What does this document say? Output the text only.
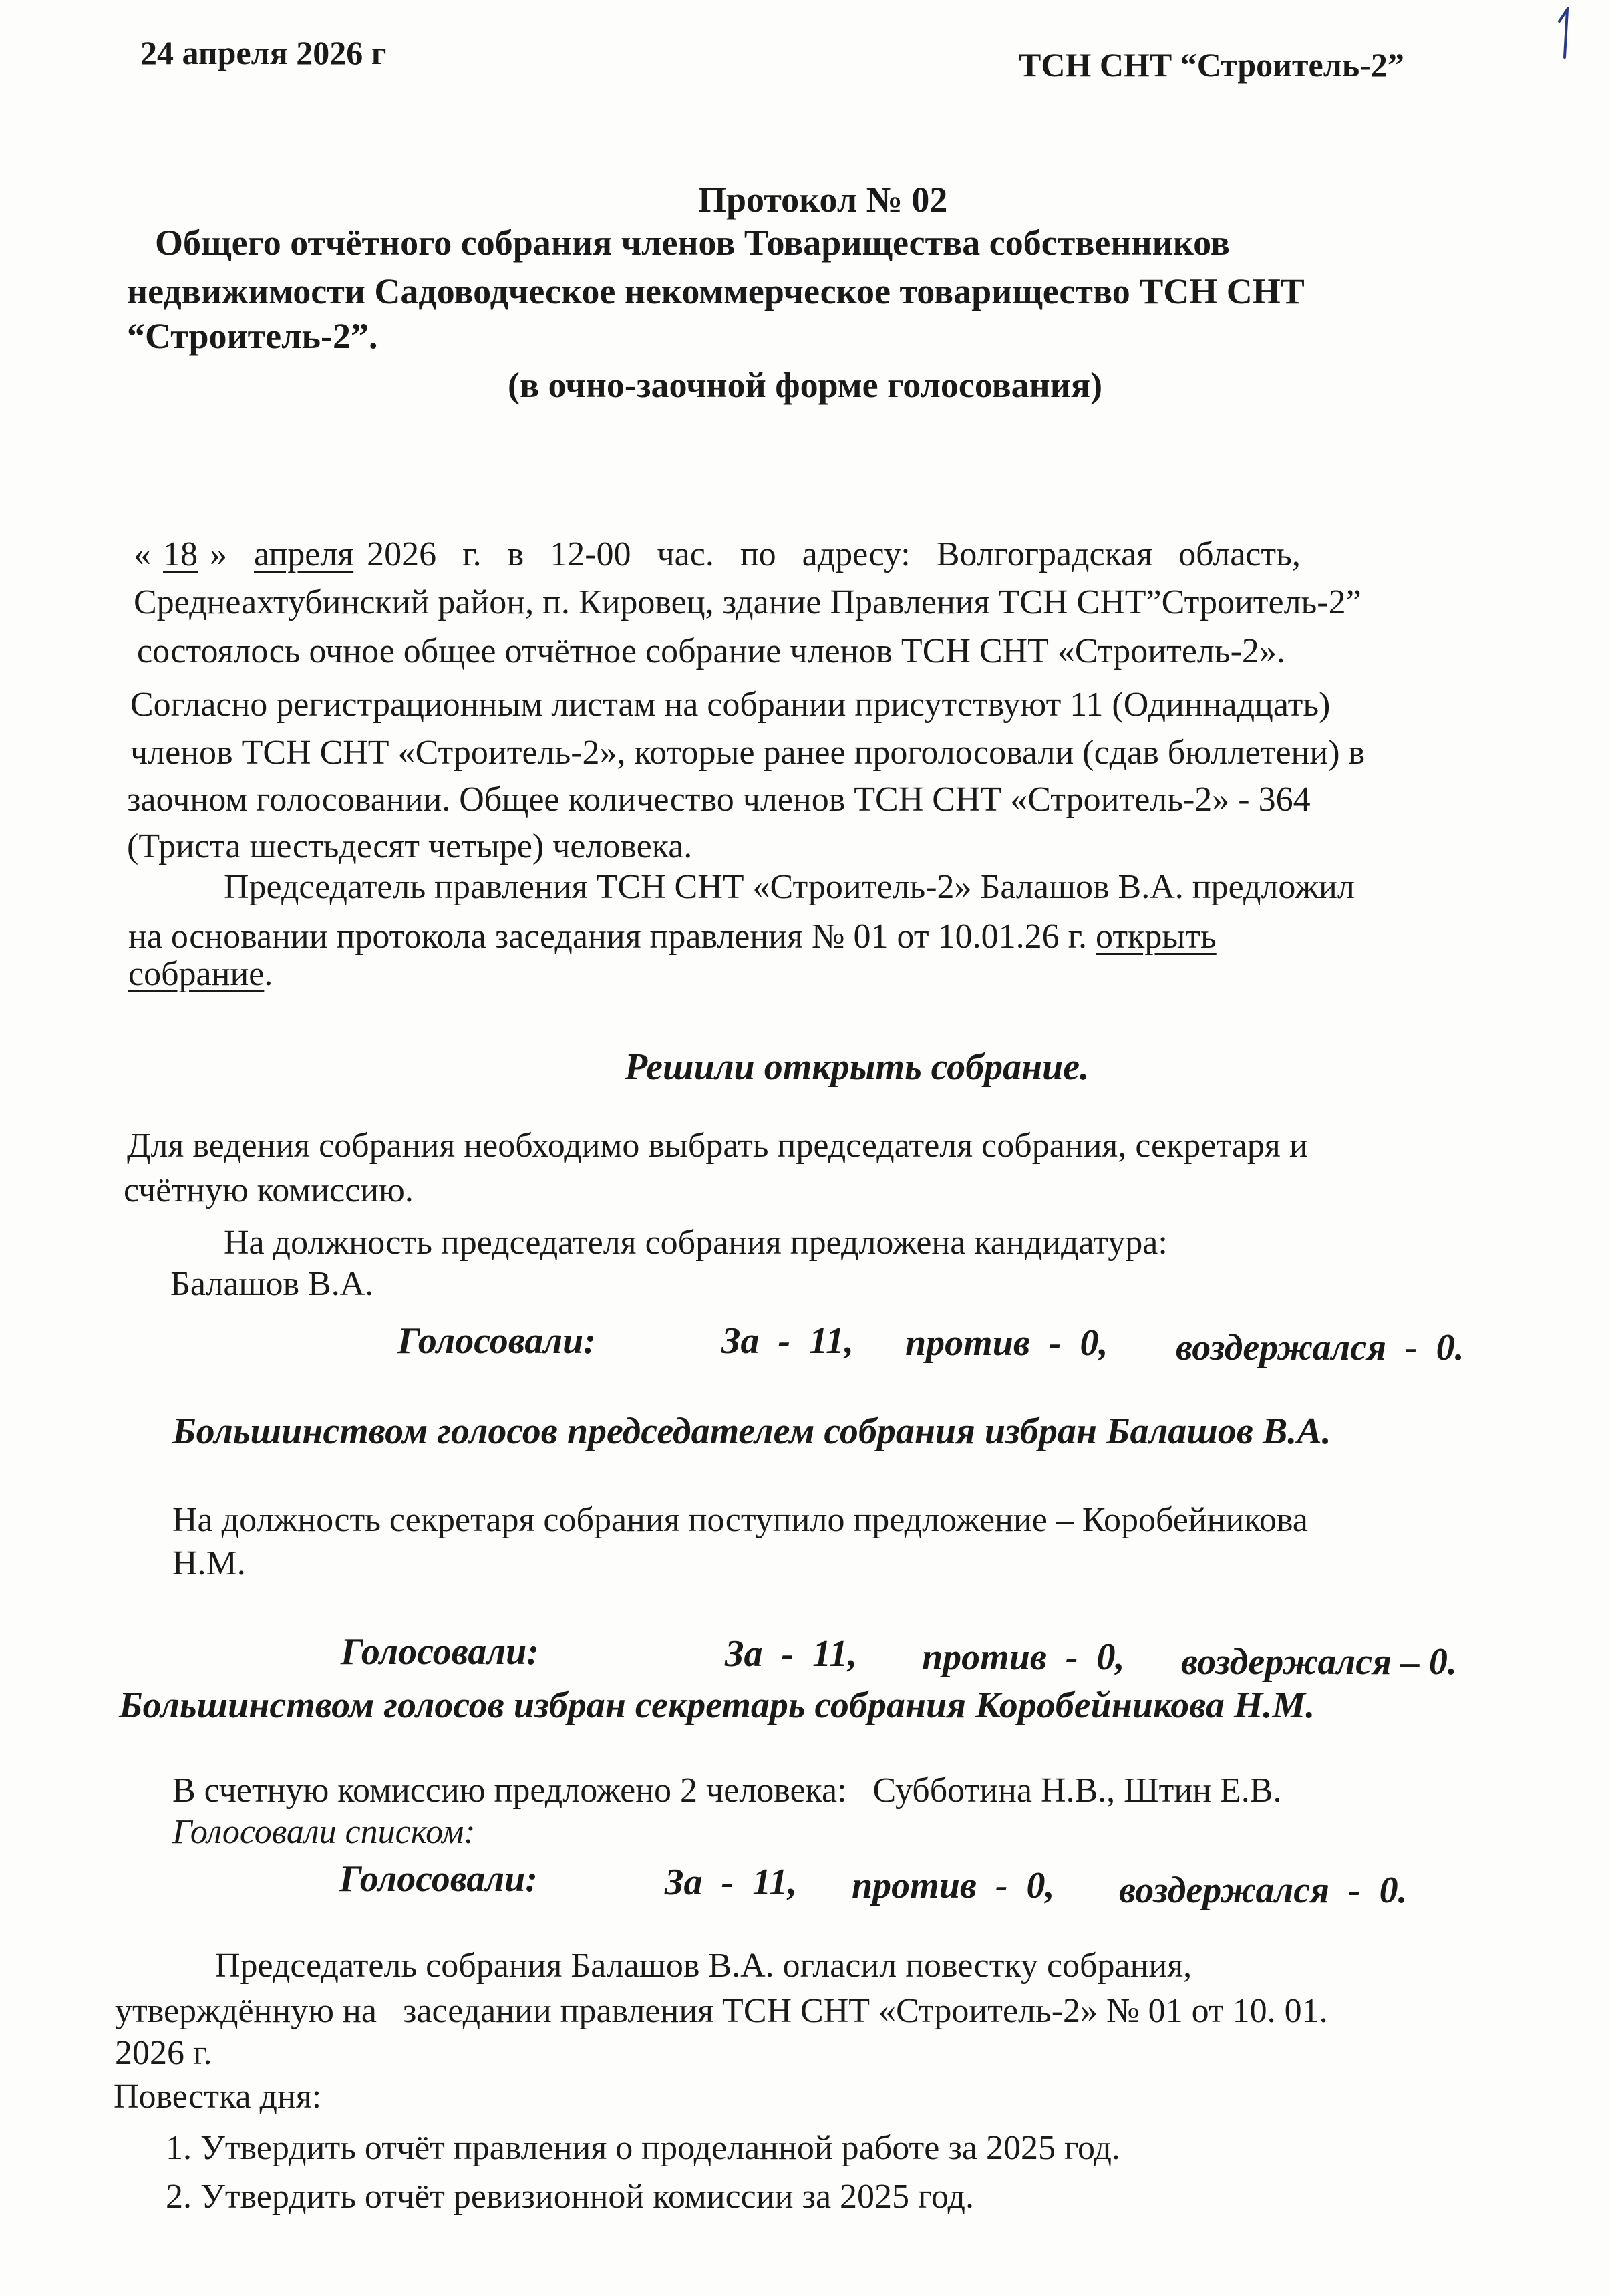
24 апреля 2026 г	ТСН СНТ “Строитель-2”
Протокол № 02
Общего отчётного собрания членов Товарищества собственников
недвижимости Садоводческое некоммерческое товарищество ТСН СНТ
“Строитель-2”.
(в очно-заочной форме голосования)
« 18 » апреля 2026   г.   в   12-00   час.   по   адресу:   Волгоградская   область,
Среднеахтубинский район, п. Кировец, здание Правления ТСН СНТ”Строитель-2”
состоялось очное общее отчётное собрание членов ТСН СНТ «Строитель-2».
Согласно регистрационным листам на собрании присутствуют 11 (Одиннадцать)
членов ТСН СНТ «Строитель-2», которые ранее проголосовали (сдав бюллетени) в
заочном голосовании. Общее количество членов ТСН СНТ «Строитель-2» - 364
(Триста шестьдесят четыре) человека.
Председатель правления ТСН СНТ «Строитель-2» Балашов В.А. предложил
на основании протокола заседания правления № 01 от 10.01.26 г. открыть
собрание.
Решили открыть собрание.
Для ведения собрания необходимо выбрать председателя собрания, секретаря и
счётную комиссию.
На должность председателя собрания предложена кандидатура:
Балашов В.А.
Голосовали:	За  -  11, против  -  0, воздержался  -  0.
Большинством голосов председателем собрания избран Балашов В.А.
На должность секретаря собрания поступило предложение – Коробейникова
Н.М.
Голосовали:	За  -  11, против  -  0, воздержался – 0.
Большинством голосов избран секретарь собрания Коробейникова Н.М.
В счетную комиссию предложено 2 человека:   Субботина Н.В., Штин Е.В.
Голосовали списком:
Голосовали:	За  -  11, против  -  0, воздержался  -  0.
Председатель собрания Балашов В.А. огласил повестку собрания,
утверждённую на   заседании правления ТСН СНТ «Строитель-2» № 01 от 10. 01.
2026 г.
Повестка дня:
1. Утвердить отчёт правления о проделанной работе за 2025 год.
2. Утвердить отчёт ревизионной комиссии за 2025 год.
